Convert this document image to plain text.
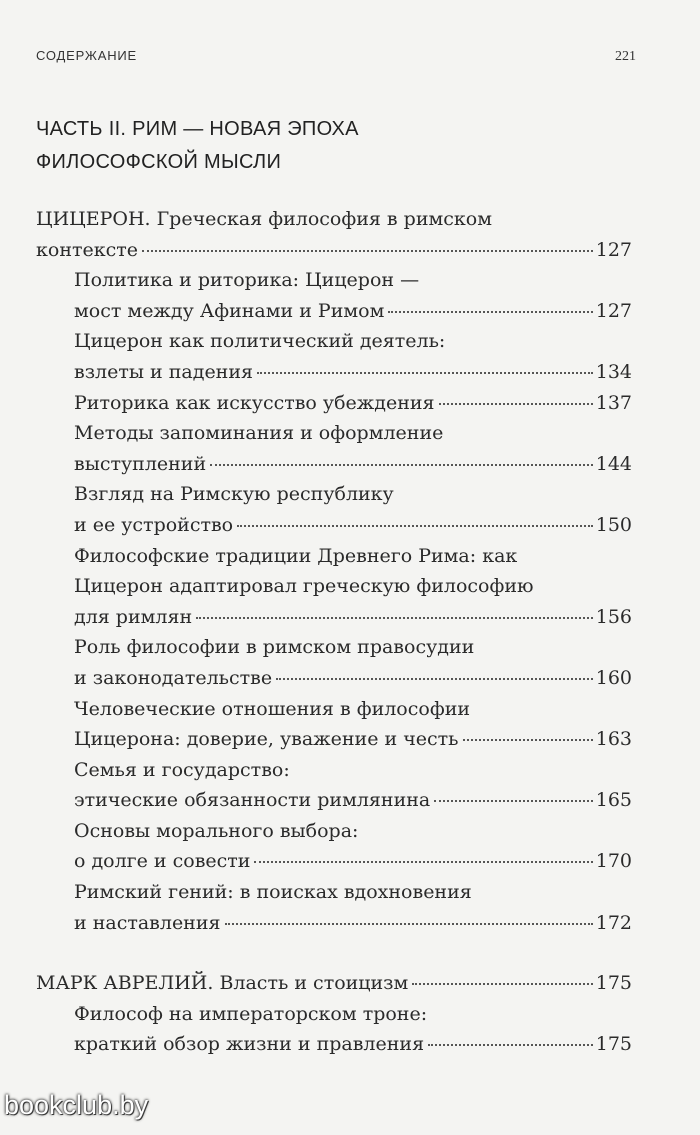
СОДЕРЖАНИЕ	221
ЧАСТЬ II. РИМ — НОВАЯ ЭПОХА
ФИЛОСОФСКОЙ МЫСЛИ
ЦИЦЕРОН. Греческая философия в римском
контексте	127
Политика и риторика: Цицерон —
мост между Афинами и Римом	127
Цицерон как политический деятель:
взлеты и падения	134
Риторика как искусство убеждения	137
Методы запоминания и оформление
выступлений	144
Взгляд на Римскую республику
и ее устройство	150
Философские традиции Древнего Рима: как
Цицерон адаптировал греческую философию
для римлян	156
Роль философии в римском правосудии
и законодательстве	160
Человеческие отношения в философии
Цицерона: доверие, уважение и честь	163
Семья и государство:
этические обязанности римлянина	165
Основы морального выбора:
о долге и совести	170
Римский гений: в поисках вдохновения
и наставления	172
МАРК АВРЕЛИЙ. Власть и стоицизм	175
Философ на императорском троне:
краткий обзор жизни и правления	175
bookclub.by
